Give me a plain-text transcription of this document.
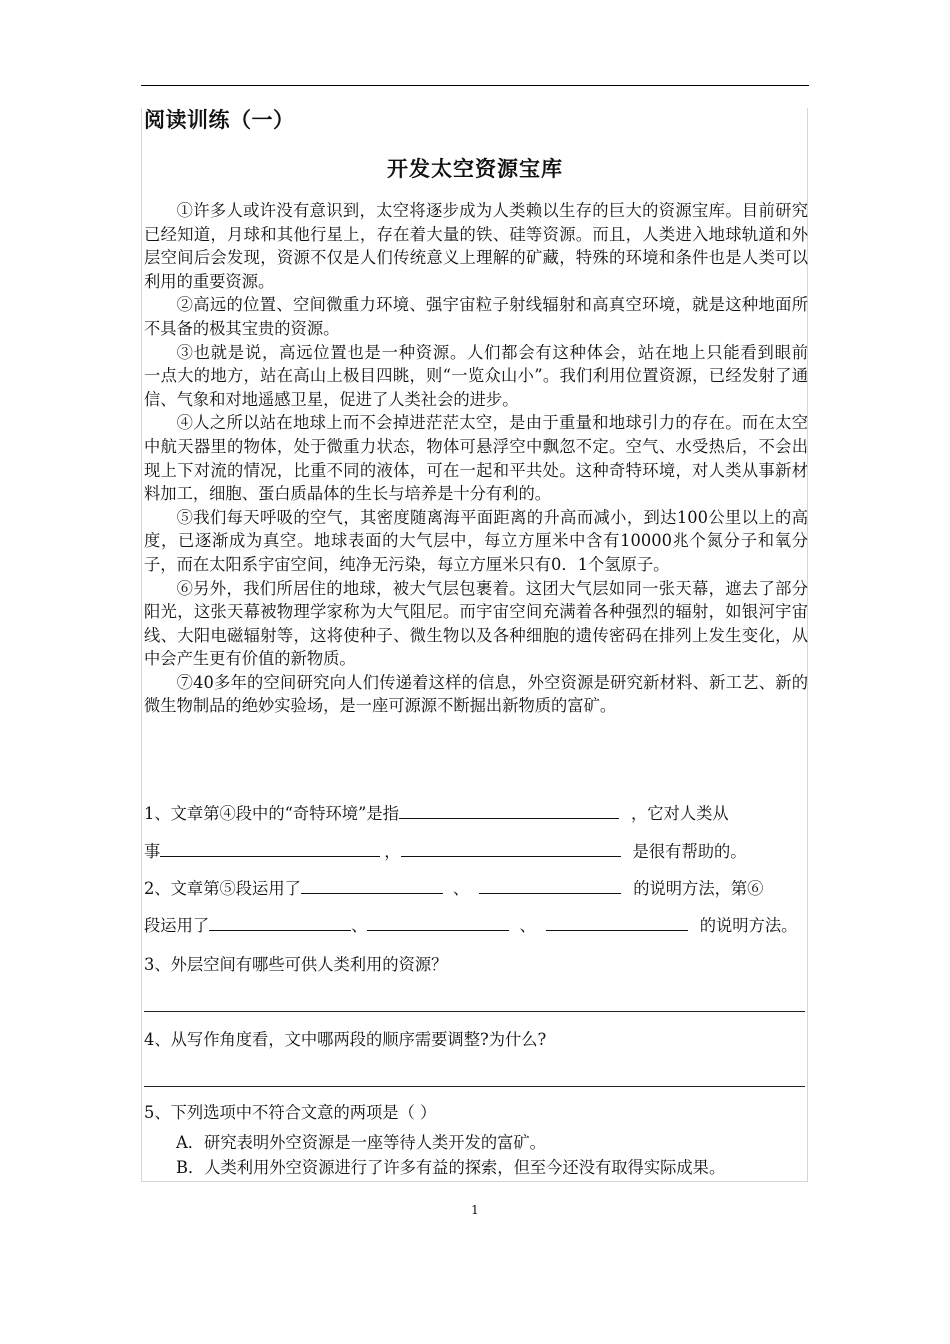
阅读训练（一）
开发太空资源宝库

①许多人或许没有意识到，太空将逐步成为人类赖以生存的巨大的资源宝库。目前研究已经知道，月球和其他行星上，存在着大量的铁、硅等资源。而且，人类进入地球轨道和外层空间后会发现，资源不仅是人们传统意义上理解的矿藏，特殊的环境和条件也是人类可以利用的重要资源。

②高远的位置、空间微重力环境、强宇宙粒子射线辐射和高真空环境，就是这种地面所不具备的极其宝贵的资源。

③也就是说，高远位置也是一种资源。人们都会有这种体会，站在地上只能看到眼前　　一点大的地方，站在高山上极目四眺，则“一览众山小”。我们利用位置资源，已经发射了通信、气象和对地遥感卫星，促进了人类社会的进步。

④人之所以站在地球上而不会掉进茫茫太空，是由于重量和地球引力的存在。而在太空中航天器里的物体，处于微重力状态，物体可悬浮空中飘忽不定。空气、水受热后，不会出现上下对流的情况，比重不同的液体，可在一起和平共处。这种奇特环境，对人类从事新材料加工，细胞、蛋白质晶体的生长与培养是十分有利的。

⑤我们每天呼吸的空气，其密度随离海平面距离的升高而减小，到达100公里以上的高度，已逐渐成为真空。地球表面的大气层中，每立方厘米中含有10000兆个氮分子和氧分子，而在太阳系宇宙空间，纯净无污染，每立方厘米只有0．1个氢原子。

⑥另外，我们所居住的地球，被大气层包裹着。这团大气层如同一张天幕，遮去了部分阳光，这张天幕被物理学家称为大气阻尼。而宇宙空间充满着各种强烈的辐射，如银河宇宙线、大阳电磁辐射等，这将使种子、微生物以及各种细胞的遗传密码在排列上发生变化，从中会产生更有价值的新物质。

⑦40多年的空间研究向人们传递着这样的信息，外空资源是研究新材料、新工艺、新的微生物制品的绝妙实验场，是一座可源源不断掘出新物质的富矿。

1、文章第④段中的“奇特环境”是指	，它对人类从
事	，	是很有帮助的。
2、文章第⑤段运用了	、	的说明方法，第⑥
段运用了	、	、	的说明方法。
3、外层空间有哪些可供人类利用的资源？
4、从写作角度看，文中哪两段的顺序需要调整?为什么?
5、下列选项中不符合文意的两项是（ ）
A．研究表明外空资源是一座等待人类开发的富矿。
B．人类利用外空资源进行了许多有益的探索，但至今还没有取得实际成果。
1
